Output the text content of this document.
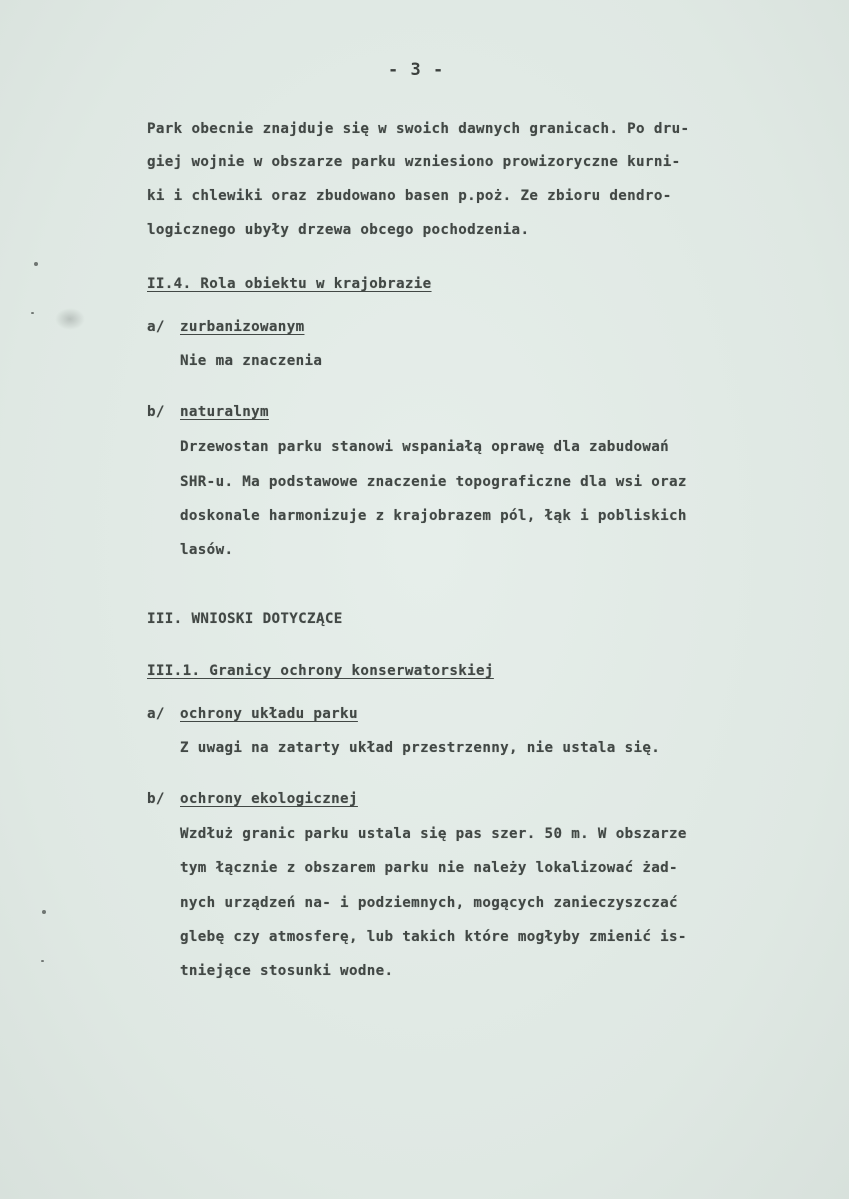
- 3 -
Park obecnie znajduje się w swoich dawnych granicach. Po dru-
giej wojnie w obszarze parku wzniesiono prowizoryczne kurni-
ki i chlewiki oraz zbudowano basen p.poż. Ze zbioru dendro-
logicznego ubyły drzewa obcego pochodzenia.
II.4. Rola obiektu w krajobrazie
a/ zurbanizowanym
Nie ma znaczenia
b/ naturalnym
Drzewostan parku stanowi wspaniałą oprawę dla zabudowań
SHR-u. Ma podstawowe znaczenie topograficzne dla wsi oraz
doskonale harmonizuje z krajobrazem pól, łąk i pobliskich
lasów.
III. WNIOSKI DOTYCZĄCE
III.1. Granicy ochrony konserwatorskiej
a/ ochrony układu parku
Z uwagi na zatarty układ przestrzenny, nie ustala się.
b/ ochrony ekologicznej
Wzdłuż granic parku ustala się pas szer. 50 m. W obszarze
tym łącznie z obszarem parku nie należy lokalizować żad-
nych urządzeń na- i podziemnych, mogących zanieczyszczać
glebę czy atmosferę, lub takich które mogłyby zmienić is-
tniejące stosunki wodne.
